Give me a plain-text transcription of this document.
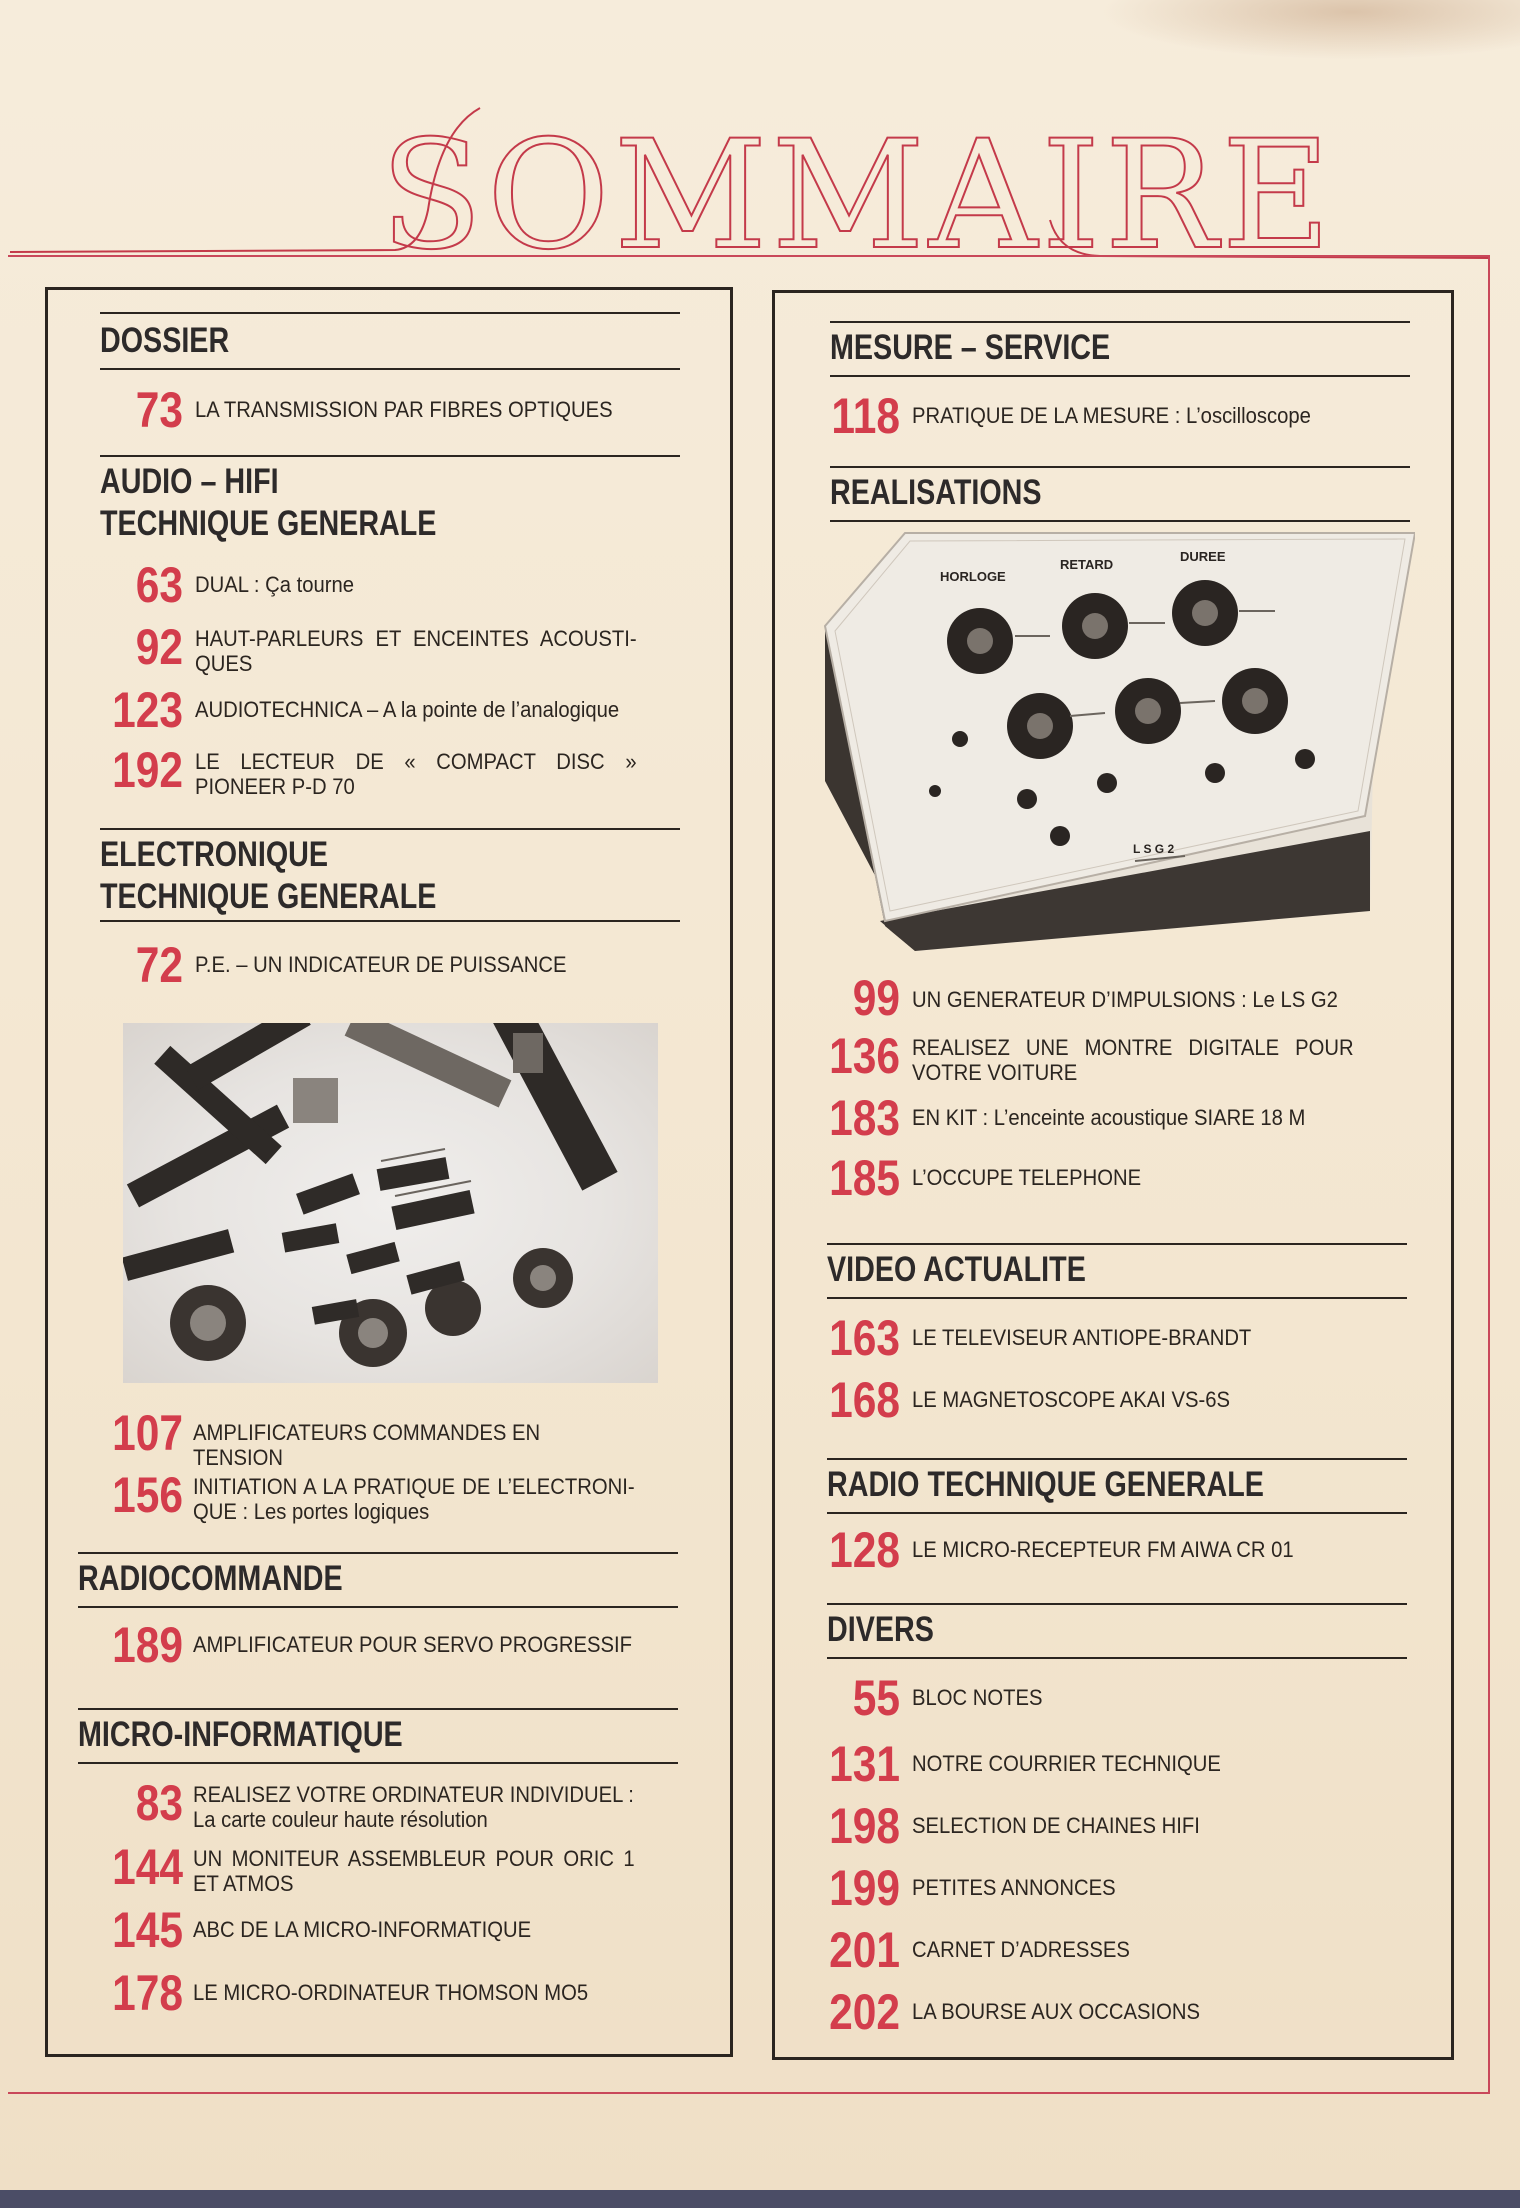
SOMMAIRE
DOSSIER
73 LA TRANSMISSION PAR FIBRES OPTIQUES
AUDIO – HIFI
TECHNIQUE GENERALE
63 DUAL : Ça tourne
92 HAUT-PARLEURS ET ENCEINTES ACOUSTI-QUES
123 AUDIOTECHNICA – A la pointe de l’analogique
192 LE LECTEUR DE « COMPACT DISC » PIONEER P-D 70
ELECTRONIQUE
TECHNIQUE GENERALE
72 P.E. – UN INDICATEUR DE PUISSANCE
107 AMPLIFICATEURS COMMANDES EN TENSION
156 INITIATION A LA PRATIQUE DE L’ELECTRONI-QUE : Les portes logiques
RADIOCOMMANDE
189 AMPLIFICATEUR POUR SERVO PROGRESSIF
MICRO-INFORMATIQUE
83 REALISEZ VOTRE ORDINATEUR INDIVIDUEL : La carte couleur haute résolution
144 UN MONITEUR ASSEMBLEUR POUR ORIC 1 ET ATMOS
145 ABC DE LA MICRO-INFORMATIQUE
178 LE MICRO-ORDINATEUR THOMSON MO5
MESURE – SERVICE
118 PRATIQUE DE LA MESURE : L’oscilloscope
REALISATIONS
HORLOGE
RETARD
DUREE
L S G 2
99 UN GENERATEUR D’IMPULSIONS : Le LS G2
136 REALISEZ UNE MONTRE DIGITALE POUR VOTRE VOITURE
183 EN KIT : L’enceinte acoustique SIARE 18 M
185 L’OCCUPE TELEPHONE
VIDEO ACTUALITE
163 LE TELEVISEUR ANTIOPE-BRANDT
168 LE MAGNETOSCOPE AKAI VS-6S
RADIO TECHNIQUE GENERALE
128 LE MICRO-RECEPTEUR FM AIWA CR 01
DIVERS
55 BLOC NOTES
131 NOTRE COURRIER TECHNIQUE
198 SELECTION DE CHAINES HIFI
199 PETITES ANNONCES
201 CARNET D’ADRESSES
202 LA BOURSE AUX OCCASIONS
